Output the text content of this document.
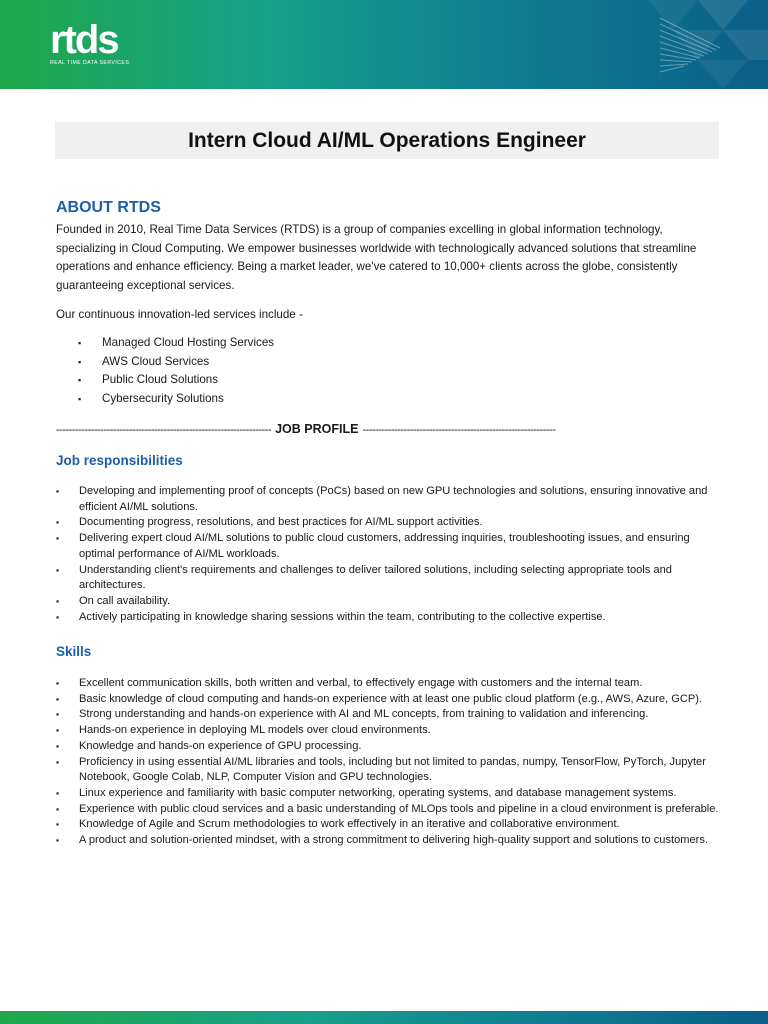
rtds
REAL TIME DATA SERVICES
Intern Cloud AI/ML Operations Engineer
ABOUT RTDS

Founded in 2010, Real Time Data Services (RTDS) is a group of companies excelling in global information technology, specializing in Cloud Computing. We empower businesses worldwide with technologically advanced solutions that streamline operations and enhance efficiency. Being a market leader, we've catered to 10,000+ clients across the globe, consistently guaranteeing exceptional services.

Our continuous innovation-led services include -

▪ Managed Cloud Hosting Services
▪ AWS Cloud Services
▪ Public Cloud Solutions
▪ Cybersecurity Solutions
-------------------------------------------------------------------- JOB PROFILE -------------------------------------------------------------
Job responsibilities
▪ Developing and implementing proof of concepts (PoCs) based on new GPU technologies and solutions, ensuring innovative and efficient AI/ML solutions.
▪ Documenting progress, resolutions, and best practices for AI/ML support activities.
▪ Delivering expert cloud AI/ML solutions to public cloud customers, addressing inquiries, troubleshooting issues, and ensuring optimal performance of AI/ML workloads.
▪ Understanding client's requirements and challenges to deliver tailored solutions, including selecting appropriate tools and architectures.
▪ On call availability.
▪ Actively participating in knowledge sharing sessions within the team, contributing to the collective expertise.
Skills
▪ Excellent communication skills, both written and verbal, to effectively engage with customers and the internal team.
▪ Basic knowledge of cloud computing and hands-on experience with at least one public cloud platform (e.g., AWS, Azure, GCP).
▪ Strong understanding and hands-on experience with AI and ML concepts, from training to validation and inferencing.
▪ Hands-on experience in deploying ML models over cloud environments.
▪ Knowledge and hands-on experience of GPU processing.
▪ Proficiency in using essential AI/ML libraries and tools, including but not limited to pandas, numpy, TensorFlow, PyTorch, Jupyter Notebook, Google Colab, NLP, Computer Vision and GPU technologies.
▪ Linux experience and familiarity with basic computer networking, operating systems, and database management systems.
▪ Experience with public cloud services and a basic understanding of MLOps tools and pipeline in a cloud environment is preferable.
▪ Knowledge of Agile and Scrum methodologies to work effectively in an iterative and collaborative environment.
▪ A product and solution-oriented mindset, with a strong commitment to delivering high-quality support and solutions to customers.
